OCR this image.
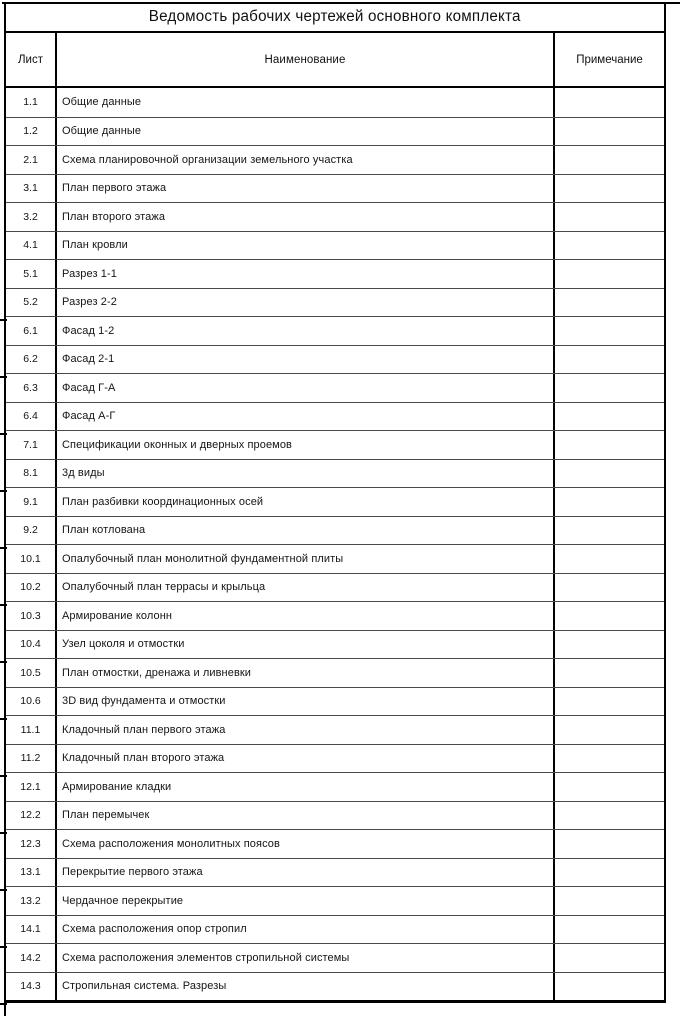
Ведомость рабочих чертежей основного комплекта
Лист	Наименование	Примечание
1.1	Общие данные
1.2	Общие данные
2.1	Схема планировочной организации земельного участка
3.1	План первого этажа
3.2	План второго этажа
4.1	План кровли
5.1	Разрез 1-1
5.2	Разрез 2-2
6.1	Фасад 1-2
6.2	Фасад 2-1
6.3	Фасад Г-А
6.4	Фасад А-Г
7.1	Спецификации оконных и дверных проемов
8.1	3д виды
9.1	План разбивки координационных осей
9.2	План котлована
10.1	Опалубочный план монолитной фундаментной плиты
10.2	Опалубочный план террасы и крыльца
10.3	Армирование колонн
10.4	Узел цоколя и отмостки
10.5	План отмостки, дренажа и ливневки
10.6	3D вид фундамента и отмостки
11.1	Кладочный план первого этажа
11.2	Кладочный план второго этажа
12.1	Армирование кладки
12.2	План перемычек
12.3	Схема расположения монолитных поясов
13.1	Перекрытие первого этажа
13.2	Чердачное перекрытие
14.1	Схема расположения опор стропил
14.2	Схема расположения элементов стропильной системы
14.3	Стропильная система. Разрезы
